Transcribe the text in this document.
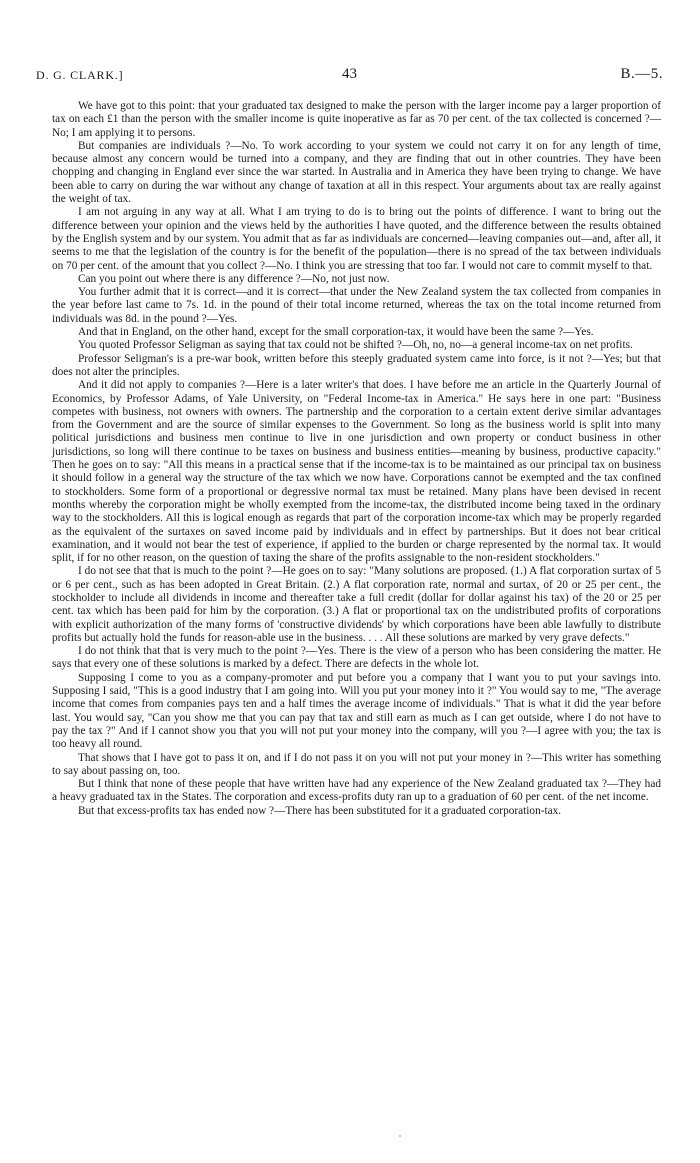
D. G. CLARK.]	43	B.—5.

We have got to this point: that your graduated tax designed to make the person with the larger income pay a larger proportion of tax on each £1 than the person with the smaller income is quite inoperative as far as 70 per cent. of the tax collected is concerned ?—No; I am applying it to persons.

But companies are individuals ?—No. To work according to your system we could not carry it on for any length of time, because almost any concern would be turned into a company, and they are finding that out in other countries. They have been chopping and changing in England ever since the war started. In Australia and in America they have been trying to change. We have been able to carry on during the war without any change of taxation at all in this respect. Your arguments about tax are really against the weight of tax.

I am not arguing in any way at all. What I am trying to do is to bring out the points of difference. I want to bring out the difference between your opinion and the views held by the authorities I have quoted, and the difference between the results obtained by the English system and by our system. You admit that as far as individuals are concerned—leaving companies out—and, after all, it seems to me that the legislation of the country is for the benefit of the population—there is no spread of the tax between individuals on 70 per cent. of the amount that you collect ?—No. I think you are stressing that too far. I would not care to commit myself to that.

Can you point out where there is any difference ?—No, not just now.

You further admit that it is correct—and it is correct—that under the New Zealand system the tax collected from companies in the year before last came to 7s. 1d. in the pound of their total income returned, whereas the tax on the total income returned from individuals was 8d. in the pound ?—Yes.

And that in England, on the other hand, except for the small corporation-tax, it would have been the same ?—Yes.

You quoted Professor Seligman as saying that tax could not be shifted ?—Oh, no, no—a general income-tax on net profits.

Professor Seligman's is a pre-war book, written before this steeply graduated system came into force, is it not ?—Yes; but that does not alter the principles.

And it did not apply to companies ?—Here is a later writer's that does. I have before me an article in the Quarterly Journal of Economics, by Professor Adams, of Yale University, on "Federal Income-tax in America." He says here in one part: "Business competes with business, not owners with owners. The partnership and the corporation to a certain extent derive similar advantages from the Government and are the source of similar expenses to the Government. So long as the business world is split into many political jurisdictions and business men continue to live in one jurisdiction and own property or conduct business in other jurisdictions, so long will there continue to be taxes on business and business entities—meaning by business, productive capacity." Then he goes on to say: "All this means in a practical sense that if the income-tax is to be maintained as our principal tax on business it should follow in a general way the structure of the tax which we now have. Corporations cannot be exempted and the tax confined to stockholders. Some form of a proportional or degressive normal tax must be retained. Many plans have been devised in recent months whereby the corporation might be wholly exempted from the income-tax, the distributed income being taxed in the ordinary way to the stockholders. All this is logical enough as regards that part of the corporation income-tax which may be properly regarded as the equivalent of the surtaxes on saved income paid by individuals and in effect by partnerships. But it does not bear critical examination, and it would not bear the test of experience, if applied to the burden or charge represented by the normal tax. It would split, if for no other reason, on the question of taxing the share of the profits assignable to the non-resident stockholders."

I do not see that that is much to the point ?—He goes on to say: "Many solutions are proposed. (1.) A flat corporation surtax of 5 or 6 per cent., such as has been adopted in Great Britain. (2.) A flat corporation rate, normal and surtax, of 20 or 25 per cent., the stockholder to include all dividends in income and thereafter take a full credit (dollar for dollar against his tax) of the 20 or 25 per cent. tax which has been paid for him by the corporation. (3.) A flat or proportional tax on the undistributed profits of corporations with explicit authorization of the many forms of 'constructive dividends' by which corporations have been able lawfully to distribute profits but actually hold the funds for reason-able use in the business. . . . All these solutions are marked by very grave defects."

I do not think that that is very much to the point ?—Yes. There is the view of a person who has been considering the matter. He says that every one of these solutions is marked by a defect. There are defects in the whole lot.

Supposing I come to you as a company-promoter and put before you a company that I want you to put your savings into. Supposing I said, "This is a good industry that I am going into. Will you put your money into it ?" You would say to me, "The average income that comes from companies pays ten and a half times the average income of individuals." That is what it did the year before last. You would say, "Can you show me that you can pay that tax and still earn as much as I can get outside, where I do not have to pay the tax ?" And if I cannot show you that you will not put your money into the company, will you ?—I agree with you; the tax is too heavy all round.

That shows that I have got to pass it on, and if I do not pass it on you will not put your money in ?—This writer has something to say about passing on, too.

But I think that none of these people that have written have had any experience of the New Zealand graduated tax ?—They had a heavy graduated tax in the States. The corporation and excess-profits duty ran up to a graduation of 60 per cent. of the net income.

But that excess-profits tax has ended now ?—There has been substituted for it a graduated corporation-tax.
